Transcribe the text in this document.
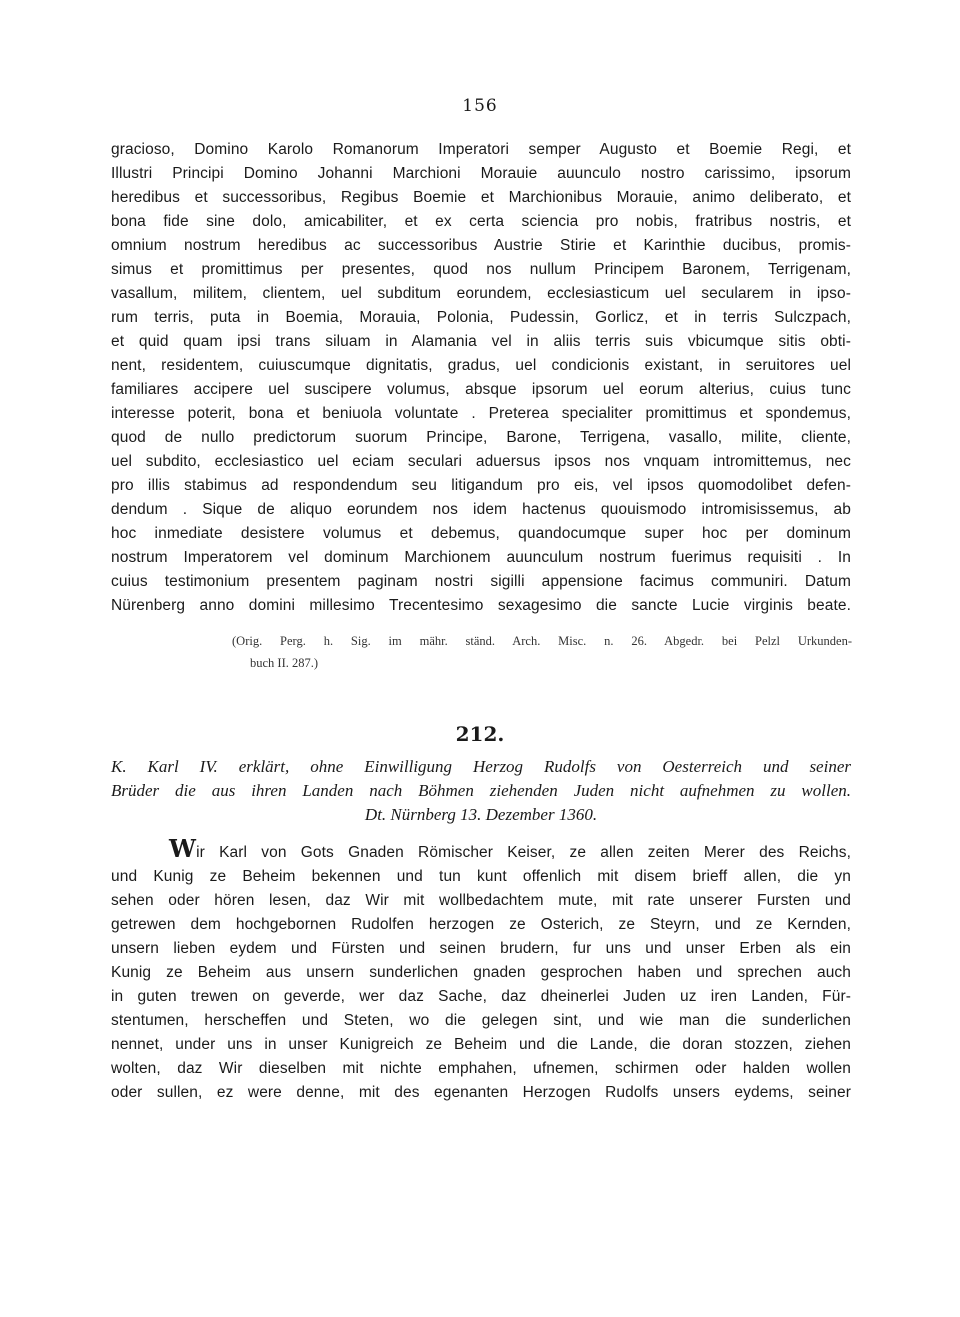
156
gracioso, Domino Karolo Romanorum Imperatori semper Augusto et Boemie Regi, et
Illustri Principi Domino Johanni Marchioni Morauie auunculo nostro carissimo, ipsorum
heredibus et successoribus, Regibus Boemie et Marchionibus Morauie, animo deliberato, et
bona fide sine dolo, amicabiliter, et ex certa sciencia pro nobis, fratribus nostris, et
omnium nostrum heredibus ac successoribus Austrie Stirie et Karinthie ducibus, promis-
simus et promittimus per presentes, quod nos nullum Principem Baronem, Terrigenam,
vasallum, militem, clientem, uel subditum eorundem, ecclesiasticum uel secularem in ipso-
rum terris, puta in Boemia, Morauia, Polonia, Pudessin, Gorlicz, et in terris Sulczpach,
et quid quam ipsi trans siluam in Alamania vel in aliis terris suis vbicumque sitis obti-
nent, residentem, cuiuscumque dignitatis, gradus, uel condicionis existant, in seruitores uel
familiares accipere uel suscipere volumus, absque ipsorum uel eorum alterius, cuius tunc
interesse poterit, bona et beniuola voluntate . Preterea specialiter promittimus et spondemus,
quod de nullo predictorum suorum Principe, Barone, Terrigena, vasallo, milite, cliente,
uel subdito, ecclesiastico uel eciam seculari aduersus ipsos nos vnquam intromittemus, nec
pro illis stabimus ad respondendum seu litigandum pro eis, vel ipsos quomodolibet defen-
dendum . Sique de aliquo eorundem nos idem hactenus quouismodo intromisissemus, ab
hoc inmediate desistere volumus et debemus, quandocumque super hoc per dominum
nostrum Imperatorem vel dominum Marchionem auunculum nostrum fuerimus requisiti . In
cuius testimonium presentem paginam nostri sigilli appensione facimus communiri. Datum
Nürenberg anno domini millesimo Trecentesimo sexagesimo die sancte Lucie virginis beate.
(Orig. Perg. h. Sig. im mähr. ständ. Arch. Misc. n. 26. Abgedr. bei Pelzl Urkunden-
buch II. 287.)
212.
K. Karl IV. erklärt, ohne Einwilligung Herzog Rudolfs von Oesterreich und seiner
Brüder die aus ihren Landen nach Böhmen ziehenden Juden nicht aufnehmen zu wollen.
Dt. Nürnberg 13. Dezember 1360.
Wir Karl von Gots Gnaden Römischer Keiser, ze allen zeiten Merer des Reichs,
und Kunig ze Beheim bekennen und tun kunt offenlich mit disem brieff allen, die yn
sehen oder hören lesen, daz Wir mit wollbedachtem mute, mit rate unserer Fursten und
getrewen dem hochgebornen Rudolfen herzogen ze Osterich, ze Steyrn, und ze Kernden,
unsern lieben eydem und Fürsten und seinen brudern, fur uns und unser Erben als ein
Kunig ze Beheim aus unsern sunderlichen gnaden gesprochen haben und sprechen auch
in guten trewen on geverde, wer daz Sache, daz dheinerlei Juden uz iren Landen, Für-
stentumen, herscheffen und Steten, wo die gelegen sint, und wie man die sunderlichen
nennet, under uns in unser Kunigreich ze Beheim und die Lande, die doran stozzen, ziehen
wolten, daz Wir dieselben mit nichte emphahen, ufnemen, schirmen oder halden wollen
oder sullen, ez were denne, mit des egenanten Herzogen Rudolfs unsers eydems, seiner
